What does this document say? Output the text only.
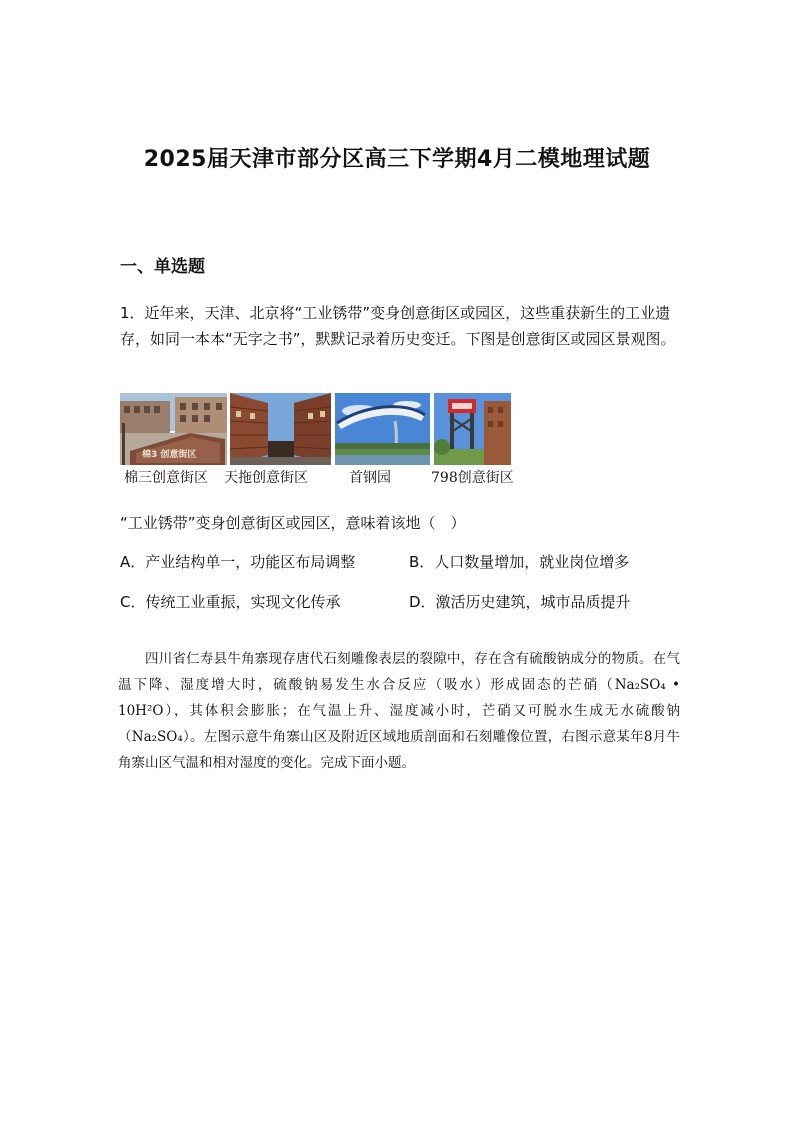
2025届天津市部分区高三下学期4月二模地理试题
一、单选题
1．近年来，天津、北京将“工业锈带”变身创意街区或园区，这些重获新生的工业遗存，如同一本本“无字之书”，默默记录着历史变迁。下图是创意街区或园区景观图。
棉3 创意街区
棉三创意街区 天拖创意街区	首钢园	798创意街区
“工业锈带”变身创意街区或园区，意味着该地（　）
A．产业结构单一，功能区布局调整	B．人口数量增加，就业岗位增多
C．传统工业重振，实现文化传承	D．激活历史建筑，城市品质提升
四川省仁寿县牛角寨现存唐代石刻雕像表层的裂隙中，存在含有硫酸钠成分的物质。在气温下降、湿度增大时，硫酸钠易发生水合反应（吸水）形成固态的芒硝（Na₂SO₄ • 10H²O），其体积会膨胀；在气温上升、湿度减小时，芒硝又可脱水生成无水硫酸钠（Na₂SO₄）。左图示意牛角寨山区及附近区域地质剖面和石刻雕像位置，右图示意某年8月牛角寨山区气温和相对湿度的变化。完成下面小题。
